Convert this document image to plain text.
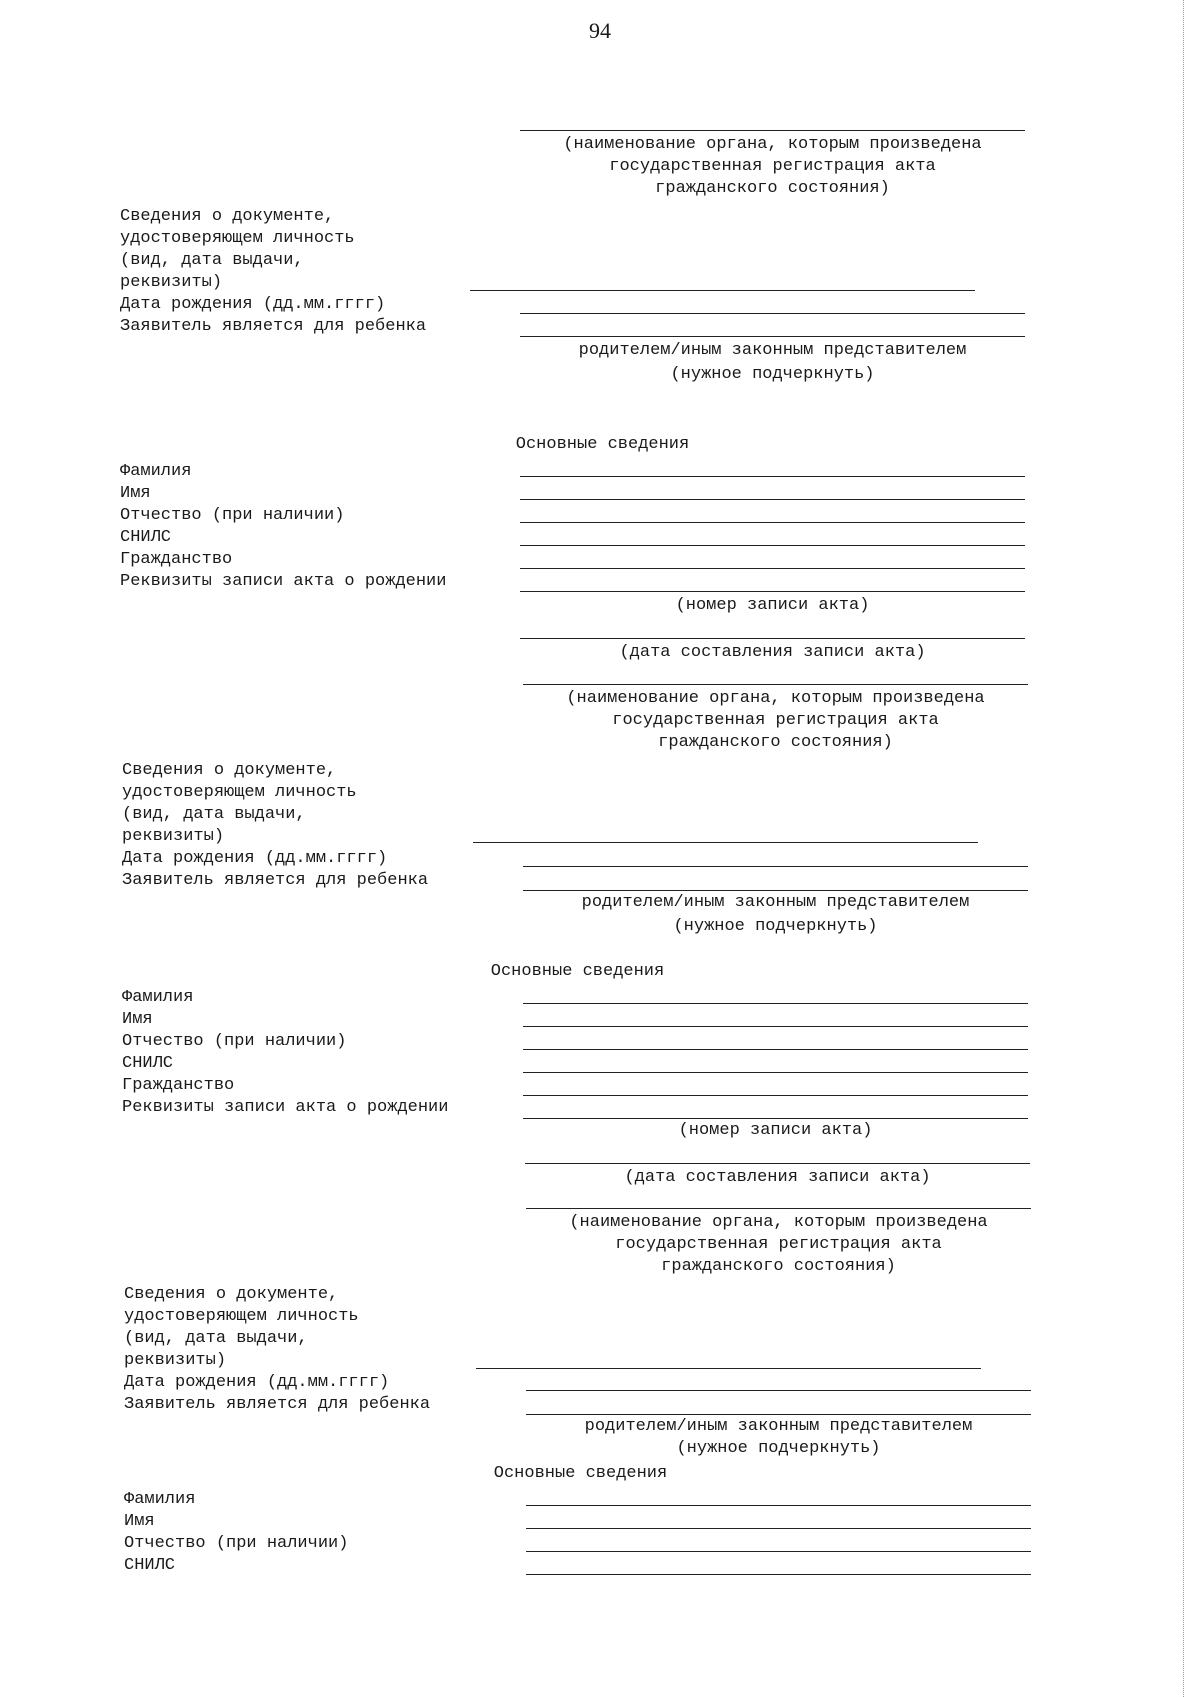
94
(наименование органа, которым произведена
государственная регистрация акта
гражданского состояния)
Сведения о документе,
удостоверяющем личность
(вид, дата выдачи,
реквизиты)
Дата рождения (дд.мм.гггг)
Заявитель является для ребенка
родителем/иным законным представителем
(нужное подчеркнуть)
Основные сведения
Фамилия
Имя
Отчество (при наличии)
СНИЛС
Гражданство
Реквизиты записи акта о рождении
(номер записи акта)
(дата составления записи акта)
(наименование органа, которым произведена
государственная регистрация акта
гражданского состояния)
Сведения о документе,
удостоверяющем личность
(вид, дата выдачи,
реквизиты)
Дата рождения (дд.мм.гггг)
Заявитель является для ребенка
родителем/иным законным представителем
(нужное подчеркнуть)
Основные сведения
Фамилия
Имя
Отчество (при наличии)
СНИЛС
Гражданство
Реквизиты записи акта о рождении
(номер записи акта)
(дата составления записи акта)
(наименование органа, которым произведена
государственная регистрация акта
гражданского состояния)
Сведения о документе,
удостоверяющем личность
(вид, дата выдачи,
реквизиты)
Дата рождения (дд.мм.гггг)
Заявитель является для ребенка
родителем/иным законным представителем
(нужное подчеркнуть)
Основные сведения
Фамилия
Имя
Отчество (при наличии)
СНИЛС
